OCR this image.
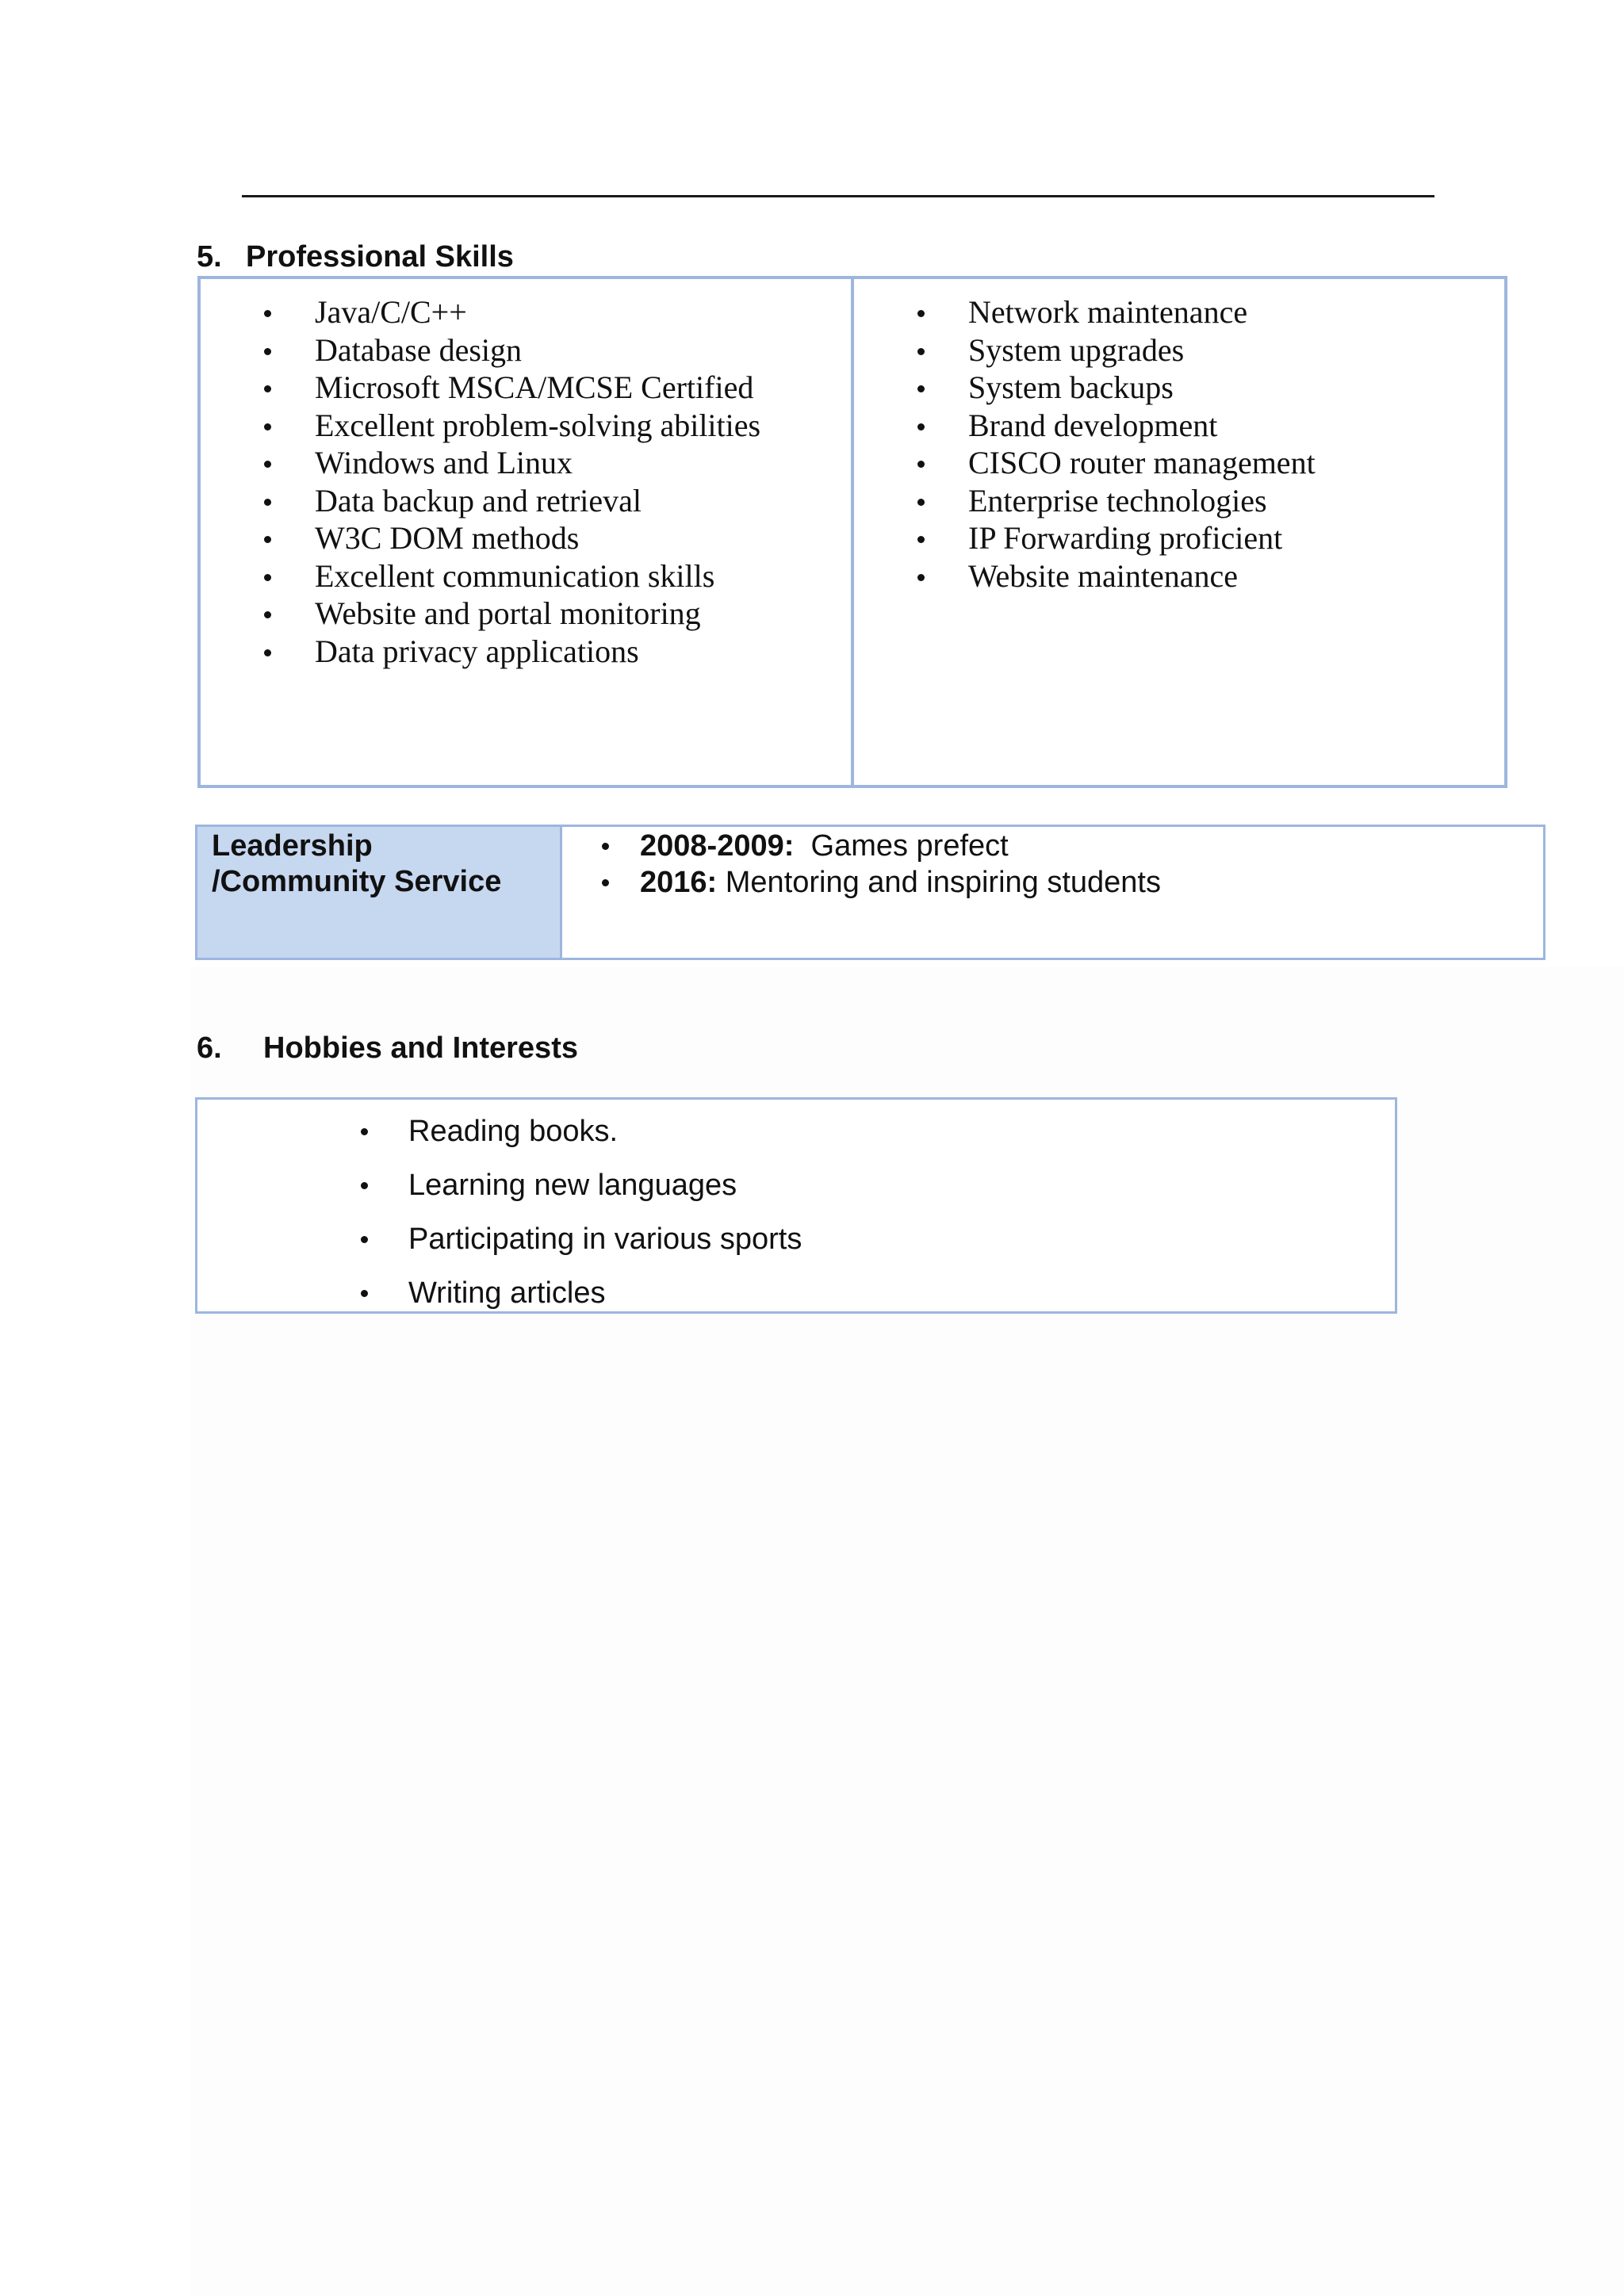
5. Professional Skills
Java/C/C++
Database design
Microsoft MSCA/MCSE Certified
Excellent problem-solving abilities
Windows and Linux
Data backup and retrieval
W3C DOM methods
Excellent communication skills
Website and portal monitoring
Data privacy applications
Network maintenance
System upgrades
System backups
Brand development
CISCO router management
Enterprise technologies
IP Forwarding proficient
Website maintenance
Leadership
/Community Service
2008-2009: Games prefect
2016: Mentoring and inspiring students
6. Hobbies and Interests
Reading books.
Learning new languages
Participating in various sports
Writing articles
